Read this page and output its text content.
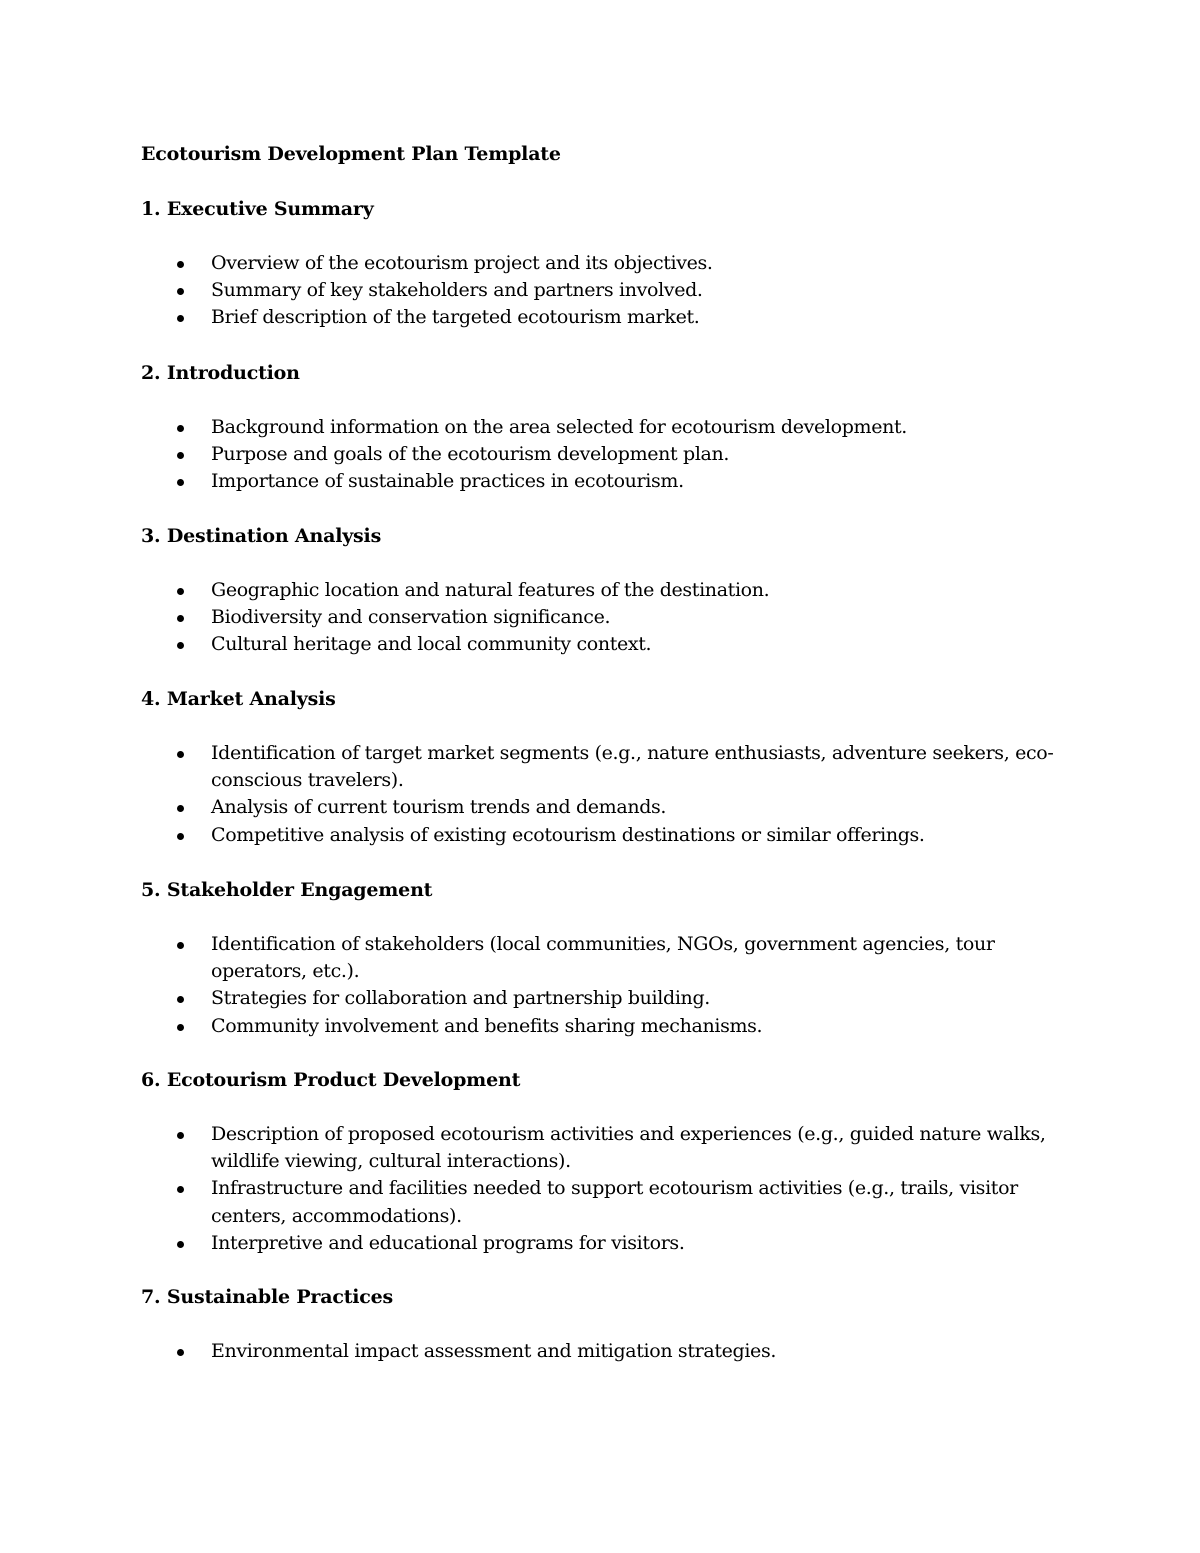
Ecotourism Development Plan Template
1. Executive Summary
Overview of the ecotourism project and its objectives.
Summary of key stakeholders and partners involved.
Brief description of the targeted ecotourism market.
2. Introduction
Background information on the area selected for ecotourism development.
Purpose and goals of the ecotourism development plan.
Importance of sustainable practices in ecotourism.
3. Destination Analysis
Geographic location and natural features of the destination.
Biodiversity and conservation significance.
Cultural heritage and local community context.
4. Market Analysis
Identification of target market segments (e.g., nature enthusiasts, adventure seekers, eco-conscious travelers).
Analysis of current tourism trends and demands.
Competitive analysis of existing ecotourism destinations or similar offerings.
5. Stakeholder Engagement
Identification of stakeholders (local communities, NGOs, government agencies, tour operators, etc.).
Strategies for collaboration and partnership building.
Community involvement and benefits sharing mechanisms.
6. Ecotourism Product Development
Description of proposed ecotourism activities and experiences (e.g., guided nature walks, wildlife viewing, cultural interactions).
Infrastructure and facilities needed to support ecotourism activities (e.g., trails, visitor centers, accommodations).
Interpretive and educational programs for visitors.
7. Sustainable Practices
Environmental impact assessment and mitigation strategies.
